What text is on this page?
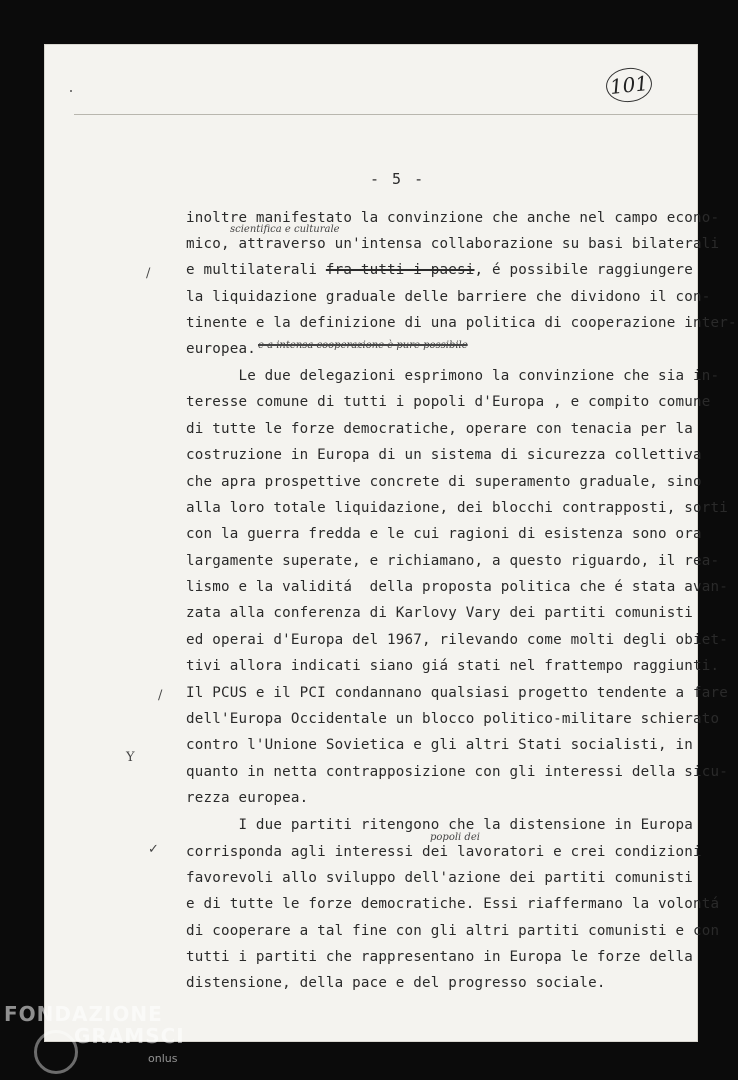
101
- 5 -
scientifica e culturale
inoltre manifestato la convinzione che anche nel campo econo-
mico, attraverso un'intensa collaborazione su basi bilaterali
e multilaterali fra tutti i paesi, é possibile raggiungere
la liquidazione graduale delle barriere che dividono il con-
tinente e la definizione di una politica di cooperazione inter-
europea. e a intensa cooperazione è pure possibile
Le due delegazioni esprimono la convinzione che sia in-
teresse comune di tutti i popoli d'Europa , e compito comune
di tutte le forze democratiche, operare con tenacia per la
costruzione in Europa di un sistema di sicurezza collettiva
che apra prospettive concrete di superamento graduale, sino
alla loro totale liquidazione, dei blocchi contrapposti, sorti
con la guerra fredda e le cui ragioni di esistenza sono ora
largamente superate, e richiamano, a questo riguardo, il rea-
lismo e la validitá  della proposta politica che é stata avan-
zata alla conferenza di Karlovy Vary dei partiti comunisti
ed operai d'Europa del 1967, rilevando come molti degli obiet-
tivi allora indicati siano giá stati nel frattempo raggiunti.
Il PCUS e il PCI condannano qualsiasi progetto tendente a fare
dell'Europa Occidentale un blocco politico-militare schierato
contro l'Unione Sovietica e gli altri Stati socialisti, in
quanto in netta contrapposizione con gli interessi della sicu-
rezza europea.
I due partiti ritengono che la distensione in Europa
popoli dei
corrisponda agli interessi dei lavoratori e crei condizioni
favorevoli allo sviluppo dell'azione dei partiti comunisti
e di tutte le forze democratiche. Essi riaffermano la volontá
di cooperare a tal fine con gli altri partiti comunisti e con
tutti i partiti che rappresentano in Europa le forze della
distensione, della pace e del progresso sociale.
/
/
Y
✓
FONDAZIONE
GRAMSCI
onlus
